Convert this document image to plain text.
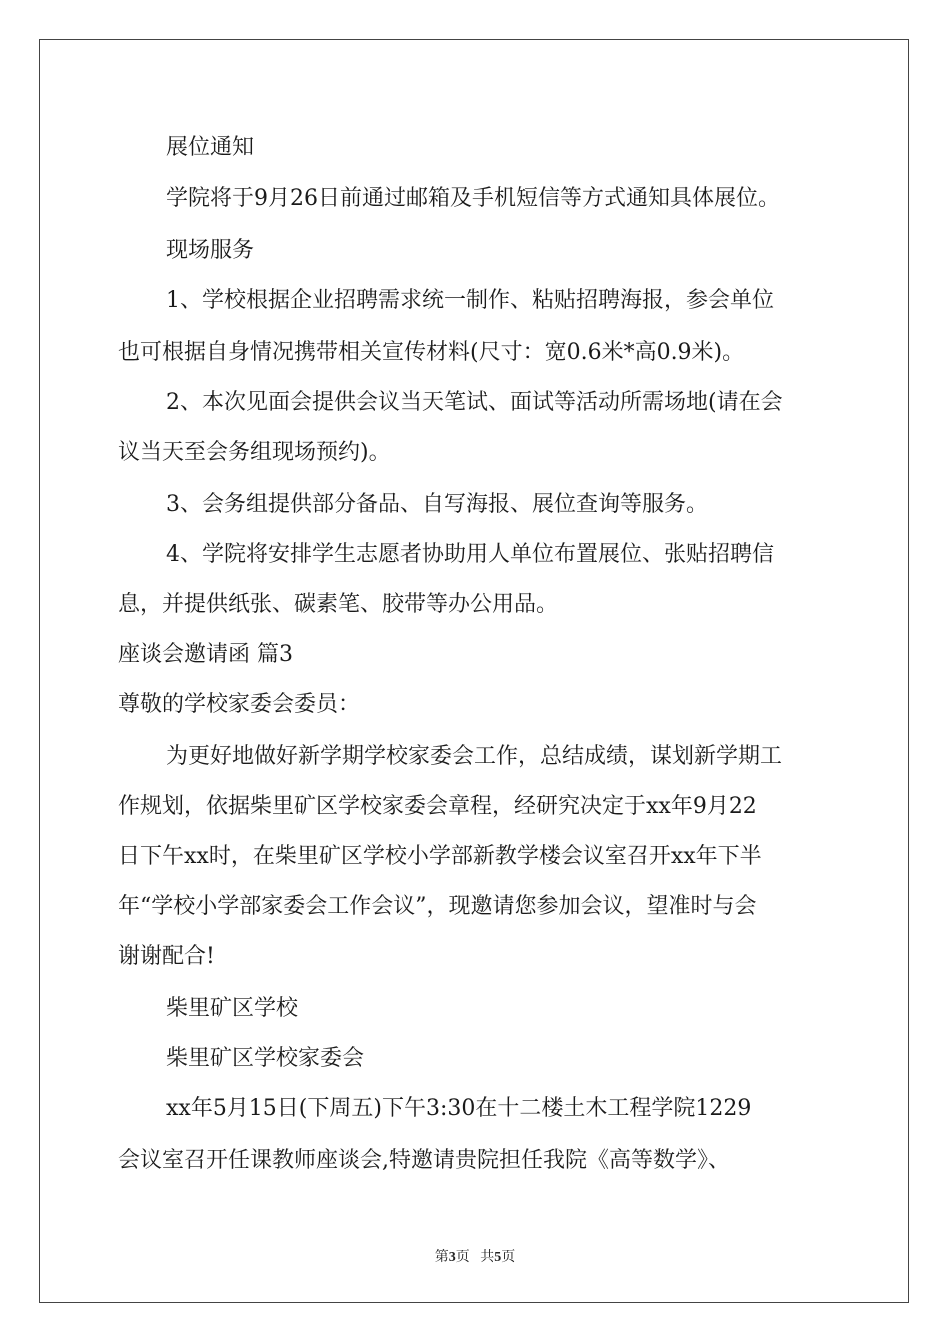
展位通知
学院将于9月26日前通过邮箱及手机短信等方式通知具体展位。
现场服务
1、学校根据企业招聘需求统一制作、粘贴招聘海报，参会单位
也可根据自身情况携带相关宣传材料(尺寸：宽0.6米*高0.9米)。
2、本次见面会提供会议当天笔试、面试等活动所需场地(请在会
议当天至会务组现场预约)。
3、会务组提供部分备品、自写海报、展位查询等服务。
4、学院将安排学生志愿者协助用人单位布置展位、张贴招聘信
息，并提供纸张、碳素笔、胶带等办公用品。
座谈会邀请函 篇3
尊敬的学校家委会委员：
为更好地做好新学期学校家委会工作，总结成绩，谋划新学期工
作规划，依据柴里矿区学校家委会章程，经研究决定于xx年9月22
日下午xx时，在柴里矿区学校小学部新教学楼会议室召开xx年下半
年“学校小学部家委会工作会议”，现邀请您参加会议，望准时与会
谢谢配合!
柴里矿区学校
柴里矿区学校家委会
xx年5月15日(下周五)下午3:30在十二楼土木工程学院1229
会议室召开任课教师座谈会,特邀请贵院担任我院《高等数学》、
第3页   共5页
